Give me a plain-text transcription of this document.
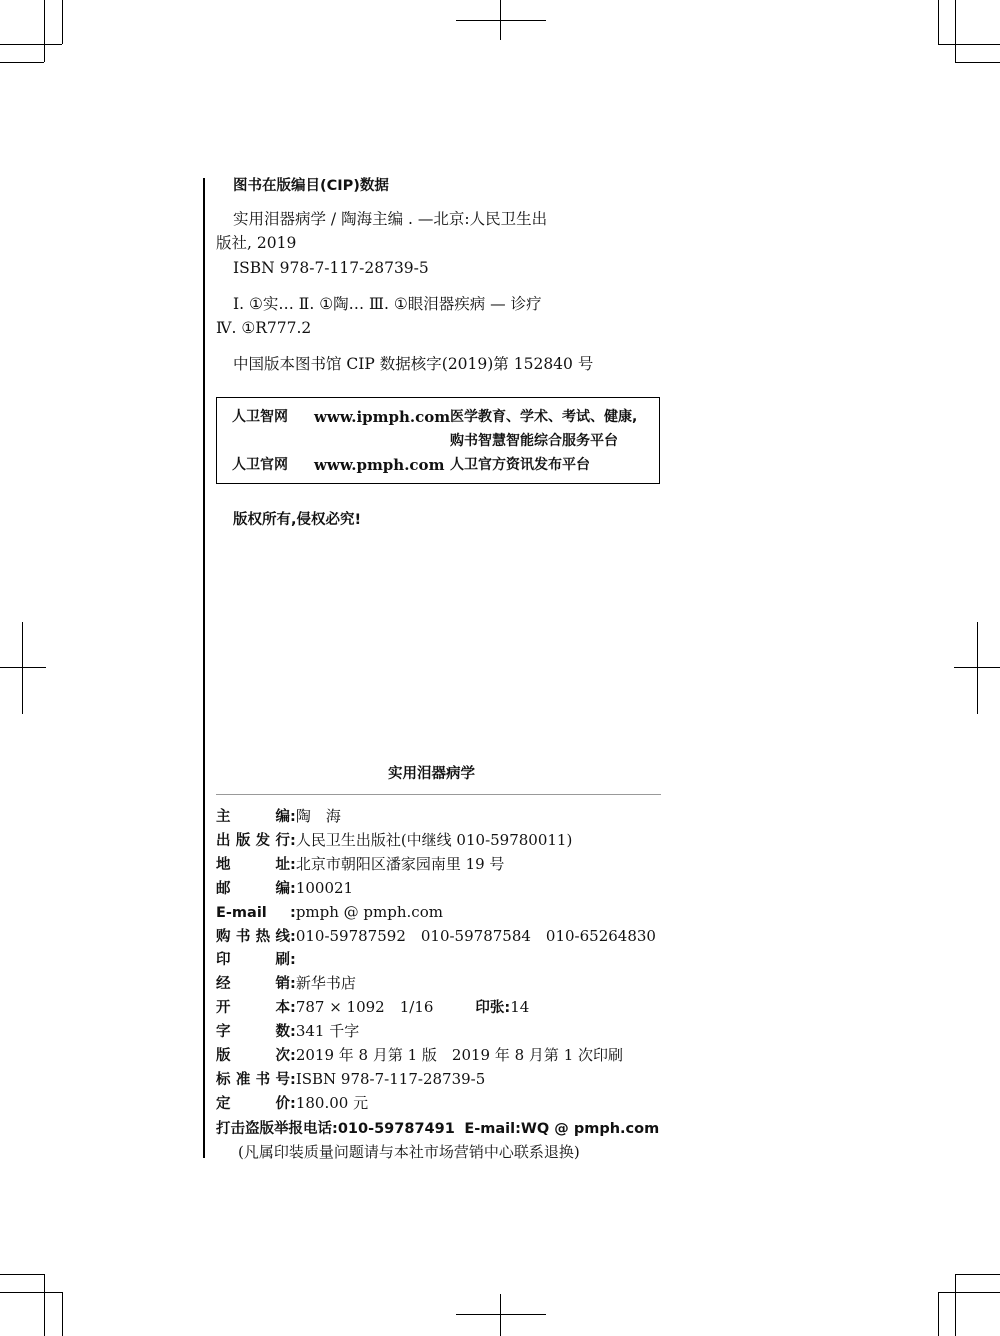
图书在版编目(CIP)数据
实用泪器病学 / 陶海主编 . —北京:人民卫生出
版社, 2019
ISBN 978-7-117-28739-5
Ⅰ. ①实… Ⅱ. ①陶… Ⅲ. ①眼泪器疾病 — 诊疗
Ⅳ. ①R777.2
中国版本图书馆 CIP 数据核字(2019)第 152840 号
人卫智网 www.ipmph.com 医学教育、学术、考试、健康,
购书智慧智能综合服务平台
人卫官网 www.pmph.com 人卫官方资讯发布平台
版权所有,侵权必究!
实用泪器病学
主编:陶　海
出版发行:人民卫生出版社(中继线 010-59780011)
地址:北京市朝阳区潘家园南里 19 号
邮编:100021
E-mail :pmph @ pmph.com
购书热线:010-59787592　010-59787584　010-65264830
印刷:
经销:新华书店
开本:787 × 1092　1/16	印张:14
字数:341 千字
版次:2019 年 8 月第 1 版　2019 年 8 月第 1 次印刷
标准书号:ISBN 978-7-117-28739-5
定价:180.00 元
打击盗版举报电话:010-59787491 E-mail:WQ @ pmph.com
(凡属印装质量问题请与本社市场营销中心联系退换)
